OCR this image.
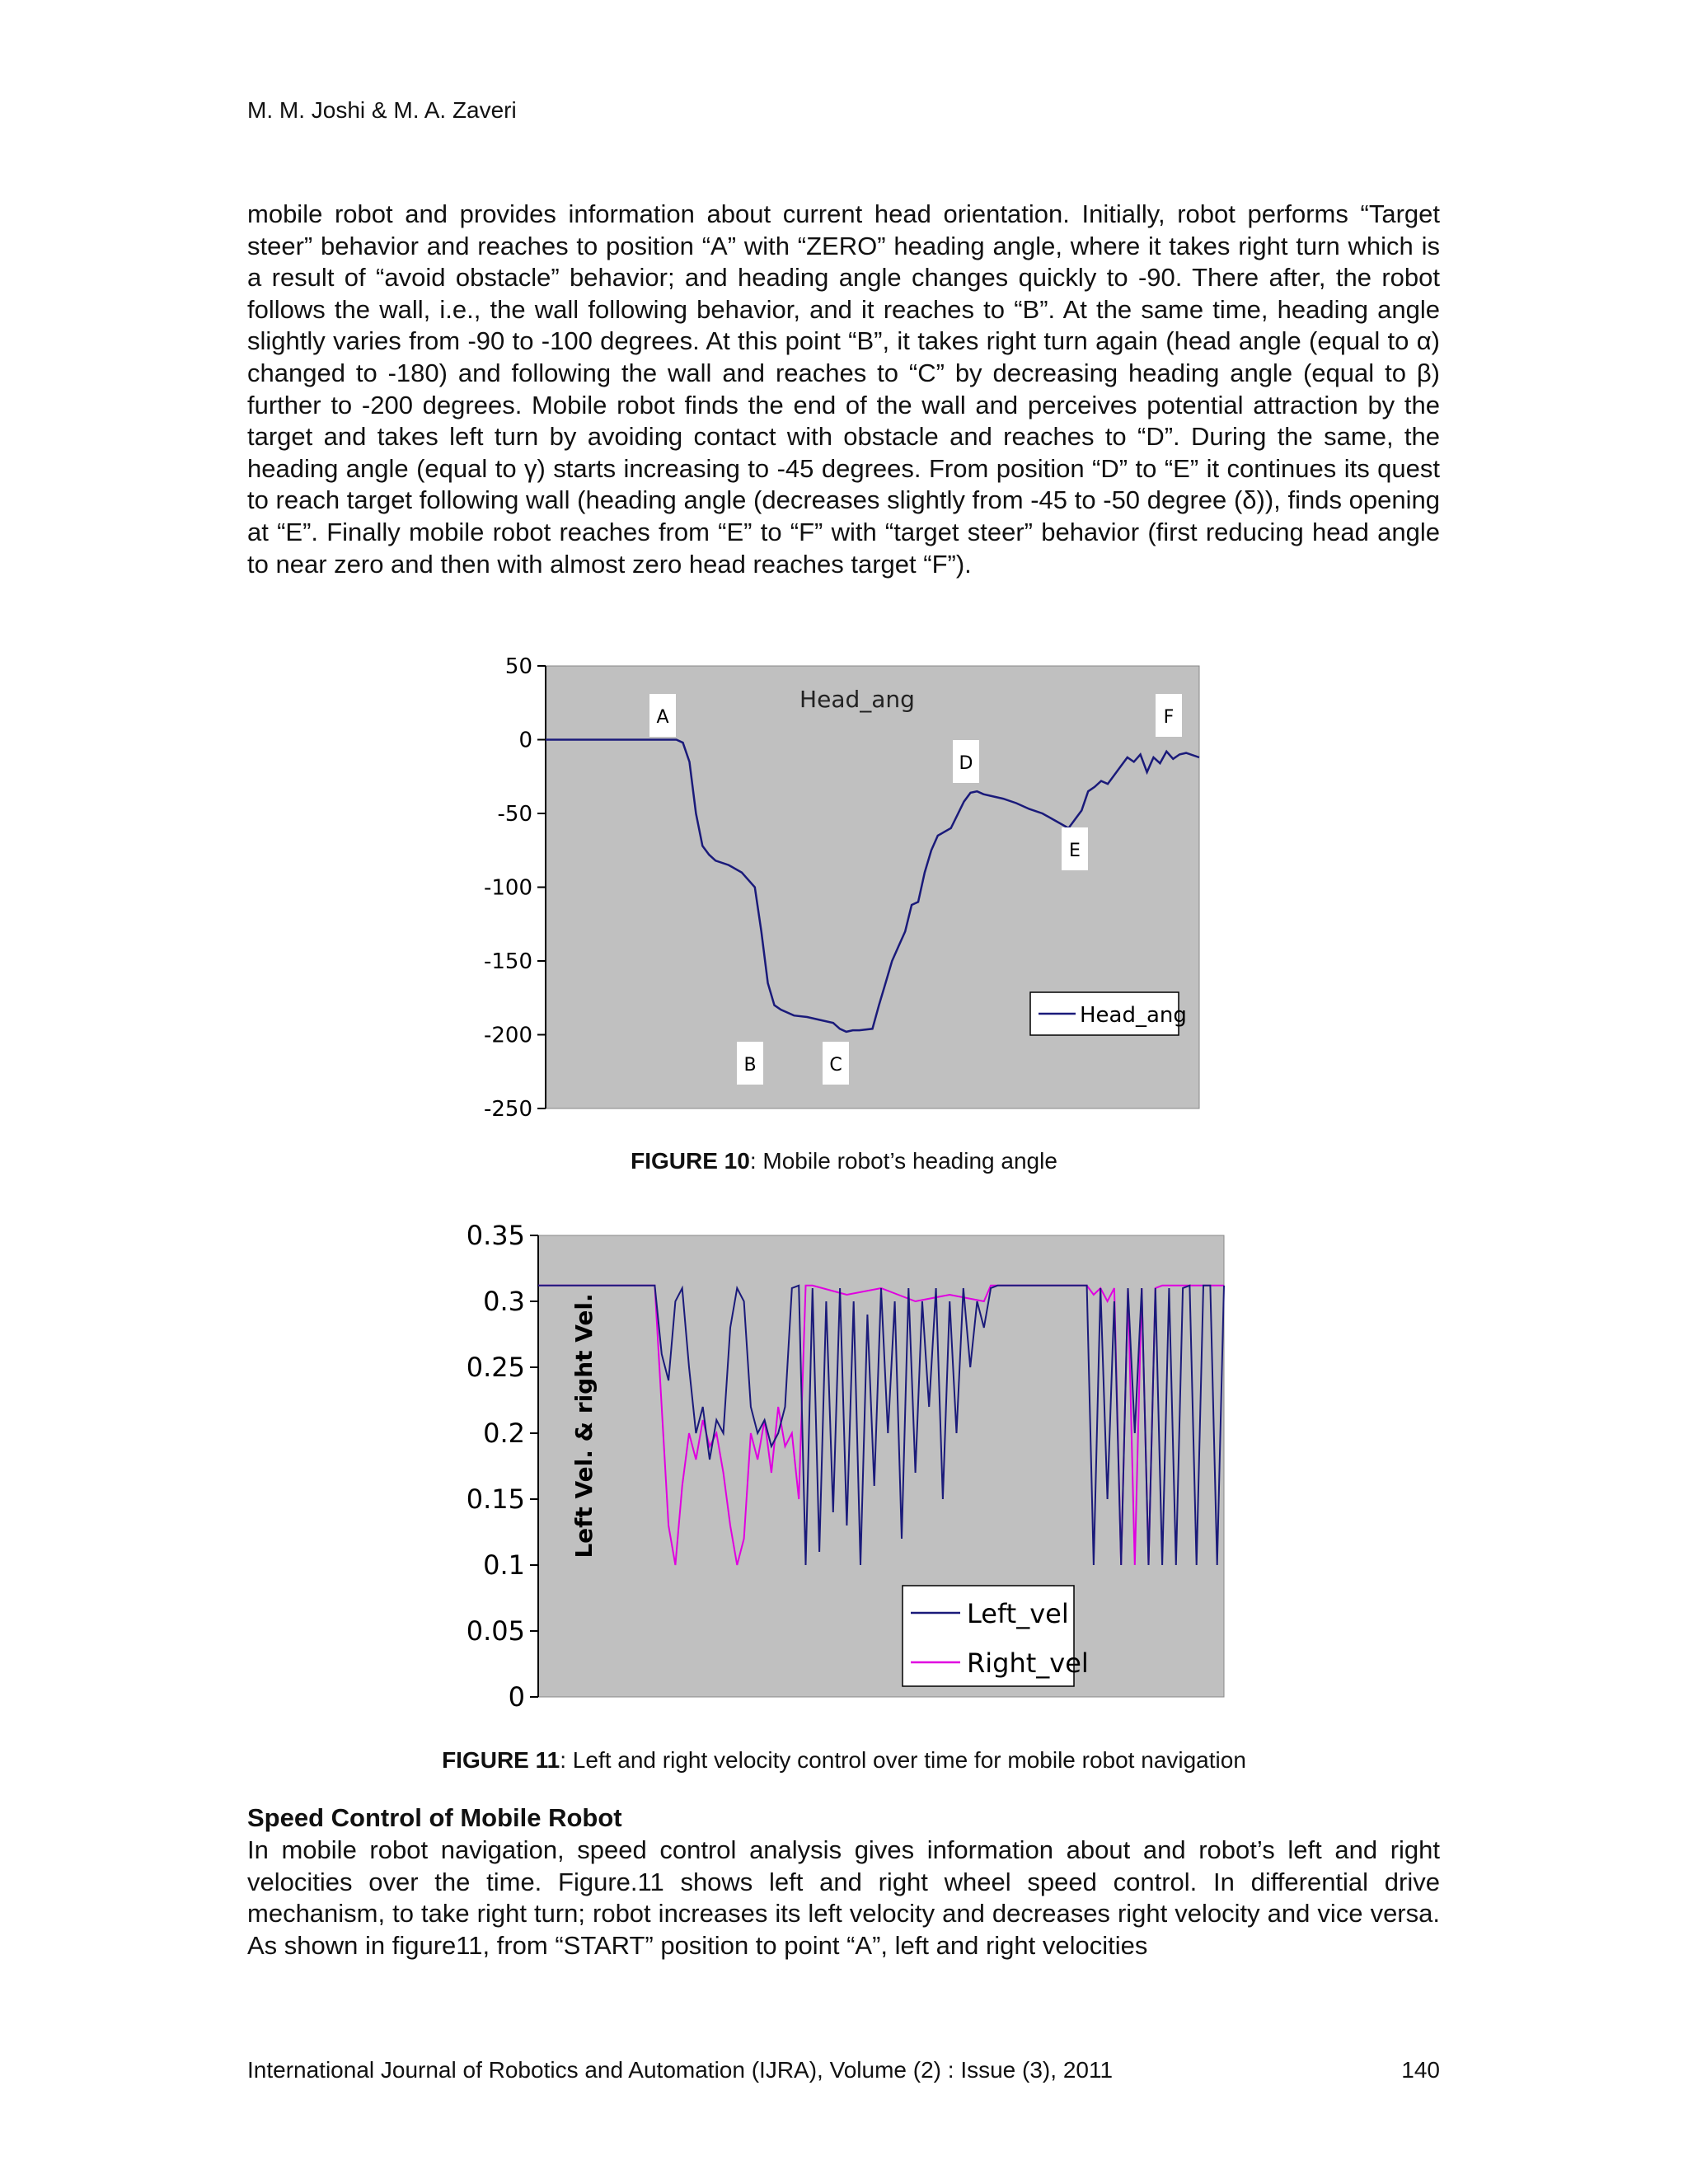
M. M. Joshi & M. A. Zaveri
mobile robot and provides information about current head orientation. Initially, robot performs “Target steer” behavior and reaches to position “A” with “ZERO” heading angle, where it takes right turn which is a result of “avoid obstacle” behavior; and heading angle changes quickly to -90. There after, the robot follows the wall, i.e., the wall following behavior, and it reaches to “B”. At the same time, heading angle slightly varies from -90 to -100 degrees. At this point “B”, it takes right turn again (head angle (equal to α) changed to -180) and following the wall and reaches to “C” by decreasing heading angle (equal to β) further to -200 degrees. Mobile robot finds the end of the wall and perceives potential attraction by the target and takes left turn by avoiding contact with obstacle and reaches to “D”. During the same, the heading angle (equal to γ) starts increasing to -45 degrees. From position “D” to “E” it continues its quest to reach target following wall (heading angle (decreases slightly from -45 to -50 degree (δ)), finds opening at “E”. Finally mobile robot reaches from “E” to “F” with “target steer” behavior (first reducing head angle to near zero and then with almost zero head reaches target “F”).
50
0
-50
-100
-150
-200
-250
Head_ang
A
B	C
D
E
F
Head_ang
FIGURE 10: Mobile robot’s heading angle
0.35
0.3
0.25
0.2
0.15
0.1
0.05
0
Left Vel. & right Vel.
Left_vel
Right_vel
FIGURE 11: Left and right velocity control over time for mobile robot navigation
Speed Control of Mobile Robot
In mobile robot navigation, speed control analysis gives information about and robot’s left and right velocities over the time. Figure.11 shows left and right wheel speed control. In differential drive mechanism, to take right turn; robot increases its left velocity and decreases right velocity and vice versa. As shown in figure11, from “START” position to point “A”, left and right velocities
International Journal of Robotics and Automation (IJRA), Volume (2) : Issue (3), 2011	140
